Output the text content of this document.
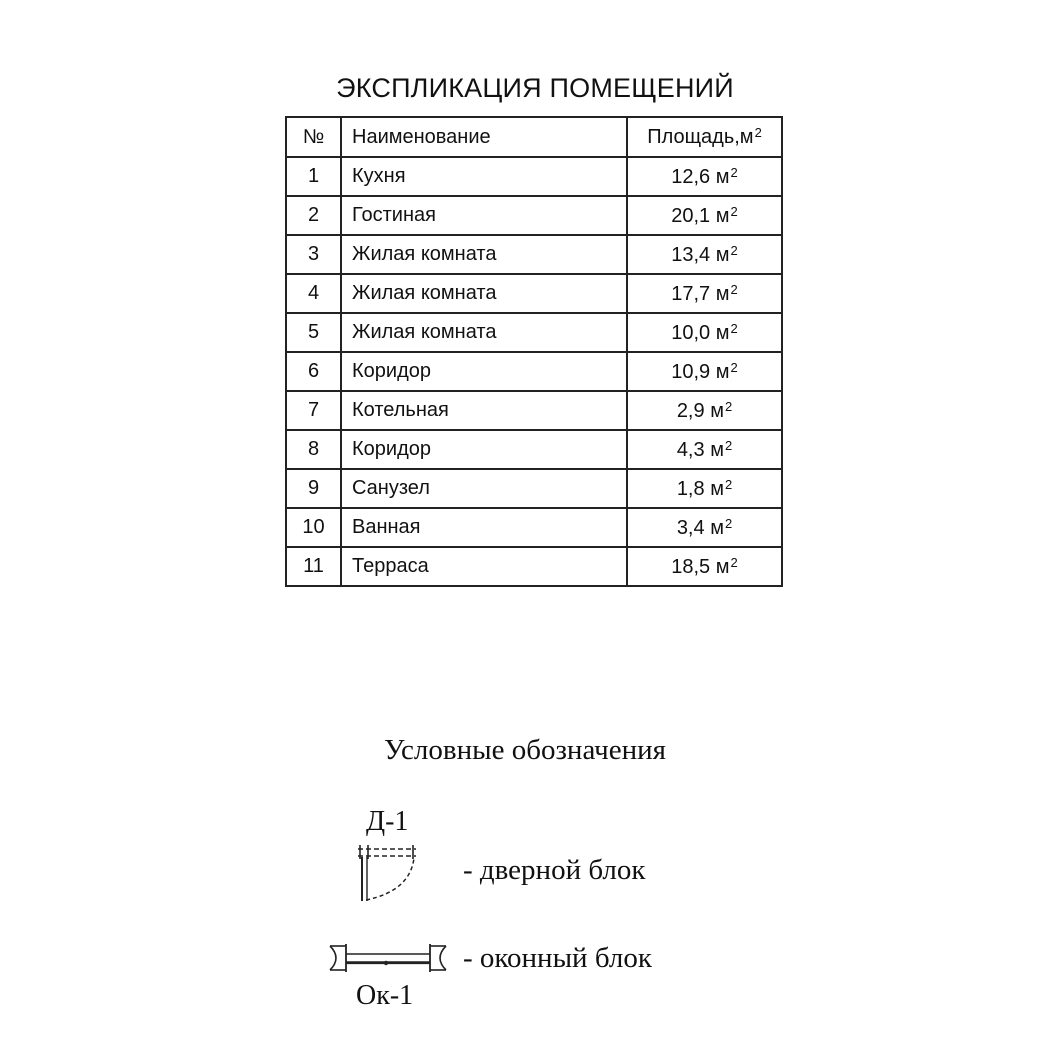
ЭКСПЛИКАЦИЯ ПОМЕЩЕНИЙ
№	Наименование	$Площадь,м^2$
1	Кухня	12,6 $м^2$
2	Гостиная	20,1 $м^2$
3	Жилая комната	13,4 $м^2$
4	Жилая комната	17,7 $м^2$
5	Жилая комната	10,0 $м^2$
6	Коридор	10,9 $м^2$
7	Котельная	2,9 $м^2$
8	Коридор	4,3 $м^2$
9	Санузел	1,8 $м^2$
10	Ванная	3,4 $м^2$
11	Терраса	18,5 $м^2$
Условные обозначения
Д-1
- дверной блок
- оконный блок
Ок-1
